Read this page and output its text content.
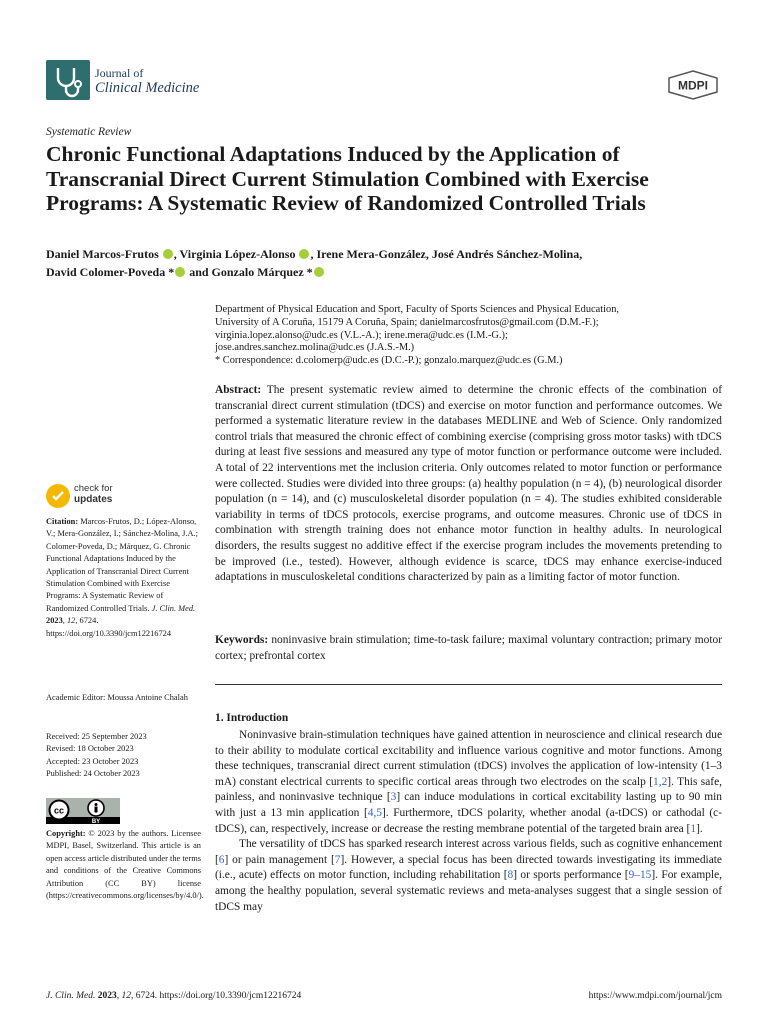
Journal of
Clinical Medicine	MDPI
Systematic Review
Chronic Functional Adaptations Induced by the Application of Transcranial Direct Current Stimulation Combined with Exercise Programs: A Systematic Review of Randomized Controlled Trials
Daniel Marcos-Frutos , Virginia López-Alonso , Irene Mera-González, José Andrés Sánchez-Molina,
David Colomer-Poveda * and Gonzalo Márquez *
Department of Physical Education and Sport, Faculty of Sports Sciences and Physical Education,
University of A Coruña, 15179 A Coruña, Spain; danielmarcosfrutos@gmail.com (D.M.-F.);
virginia.lopez.alonso@udc.es (V.L.-A.); irene.mera@udc.es (I.M.-G.);
jose.andres.sanchez.molina@udc.es (J.A.S.-M.)
* Correspondence: d.colomerp@udc.es (D.C.-P.); gonzalo.marquez@udc.es (G.M.)
Abstract: The present systematic review aimed to determine the chronic effects of the combination of transcranial direct current stimulation (tDCS) and exercise on motor function and performance outcomes. We performed a systematic literature review in the databases MEDLINE and Web of Science. Only randomized control trials that measured the chronic effect of combining exercise (comprising gross motor tasks) with tDCS during at least five sessions and measured any type of motor function or performance outcome were included. A total of 22 interventions met the inclusion criteria. Only outcomes related to motor function or performance were collected. Studies were divided into three groups: (a) healthy population (n = 4), (b) neurological disorder population (n = 14), and (c) musculoskeletal disorder population (n = 4). The studies exhibited considerable variability in terms of tDCS protocols, exercise programs, and outcome measures. Chronic use of tDCS in combination with strength training does not enhance motor function in healthy adults. In neurological disorders, the results suggest no additive effect if the exercise program includes the movements pretending to be improved (i.e., tested). However, although evidence is scarce, tDCS may enhance exercise-induced adaptations in musculoskeletal conditions characterized by pain as a limiting factor of motor function.
Keywords: noninvasive brain stimulation; time-to-task failure; maximal voluntary contraction; primary motor cortex; prefrontal cortex
1. Introduction

Noninvasive brain-stimulation techniques have gained attention in neuroscience and clinical research due to their ability to modulate cortical excitability and influence various cognitive and motor functions. Among these techniques, transcranial direct current stimulation (tDCS) involves the application of low-intensity (1–3 mA) constant electrical currents to specific cortical areas through two electrodes on the scalp [1,2]. This safe, painless, and noninvasive technique [3] can induce modulations in cortical excitability lasting up to 90 min with just a 13 min application [4,5]. Furthermore, tDCS polarity, whether anodal (a-tDCS) or cathodal (c-tDCS), can, respectively, increase or decrease the resting membrane potential of the targeted brain area [1].

The versatility of tDCS has sparked research interest across various fields, such as cognitive enhancement [6] or pain management [7]. However, a special focus has been directed towards investigating its immediate (i.e., acute) effects on motor function, including rehabilitation [8] or sports performance [9–15]. For example, among the healthy population, several systematic reviews and meta-analyses suggest that a single session of tDCS may

check for
updates
Citation: Marcos-Frutos, D.; López-Alonso, V.; Mera-González, I.; Sánchez-Molina, J.A.; Colomer-Poveda, D.; Márquez, G. Chronic Functional Adaptations Induced by the Application of Transcranial Direct Current Stimulation Combined with Exercise Programs: A Systematic Review of Randomized Controlled Trials. J. Clin. Med. 2023, 12, 6724. https://doi.org/10.3390/jcm12216724
Academic Editor: Moussa Antoine Chalah
Received: 25 September 2023
Revised: 18 October 2023
Accepted: 23 October 2023
Published: 24 October 2023
cc
BY
Copyright: © 2023 by the authors. Licensee MDPI, Basel, Switzerland. This article is an open access article distributed under the terms and conditions of the Creative Commons Attribution (CC BY) license (https://creativecommons.org/licenses/by/4.0/).
J. Clin. Med. 2023, 12, 6724. https://doi.org/10.3390/jcm12216724	https://www.mdpi.com/journal/jcm
